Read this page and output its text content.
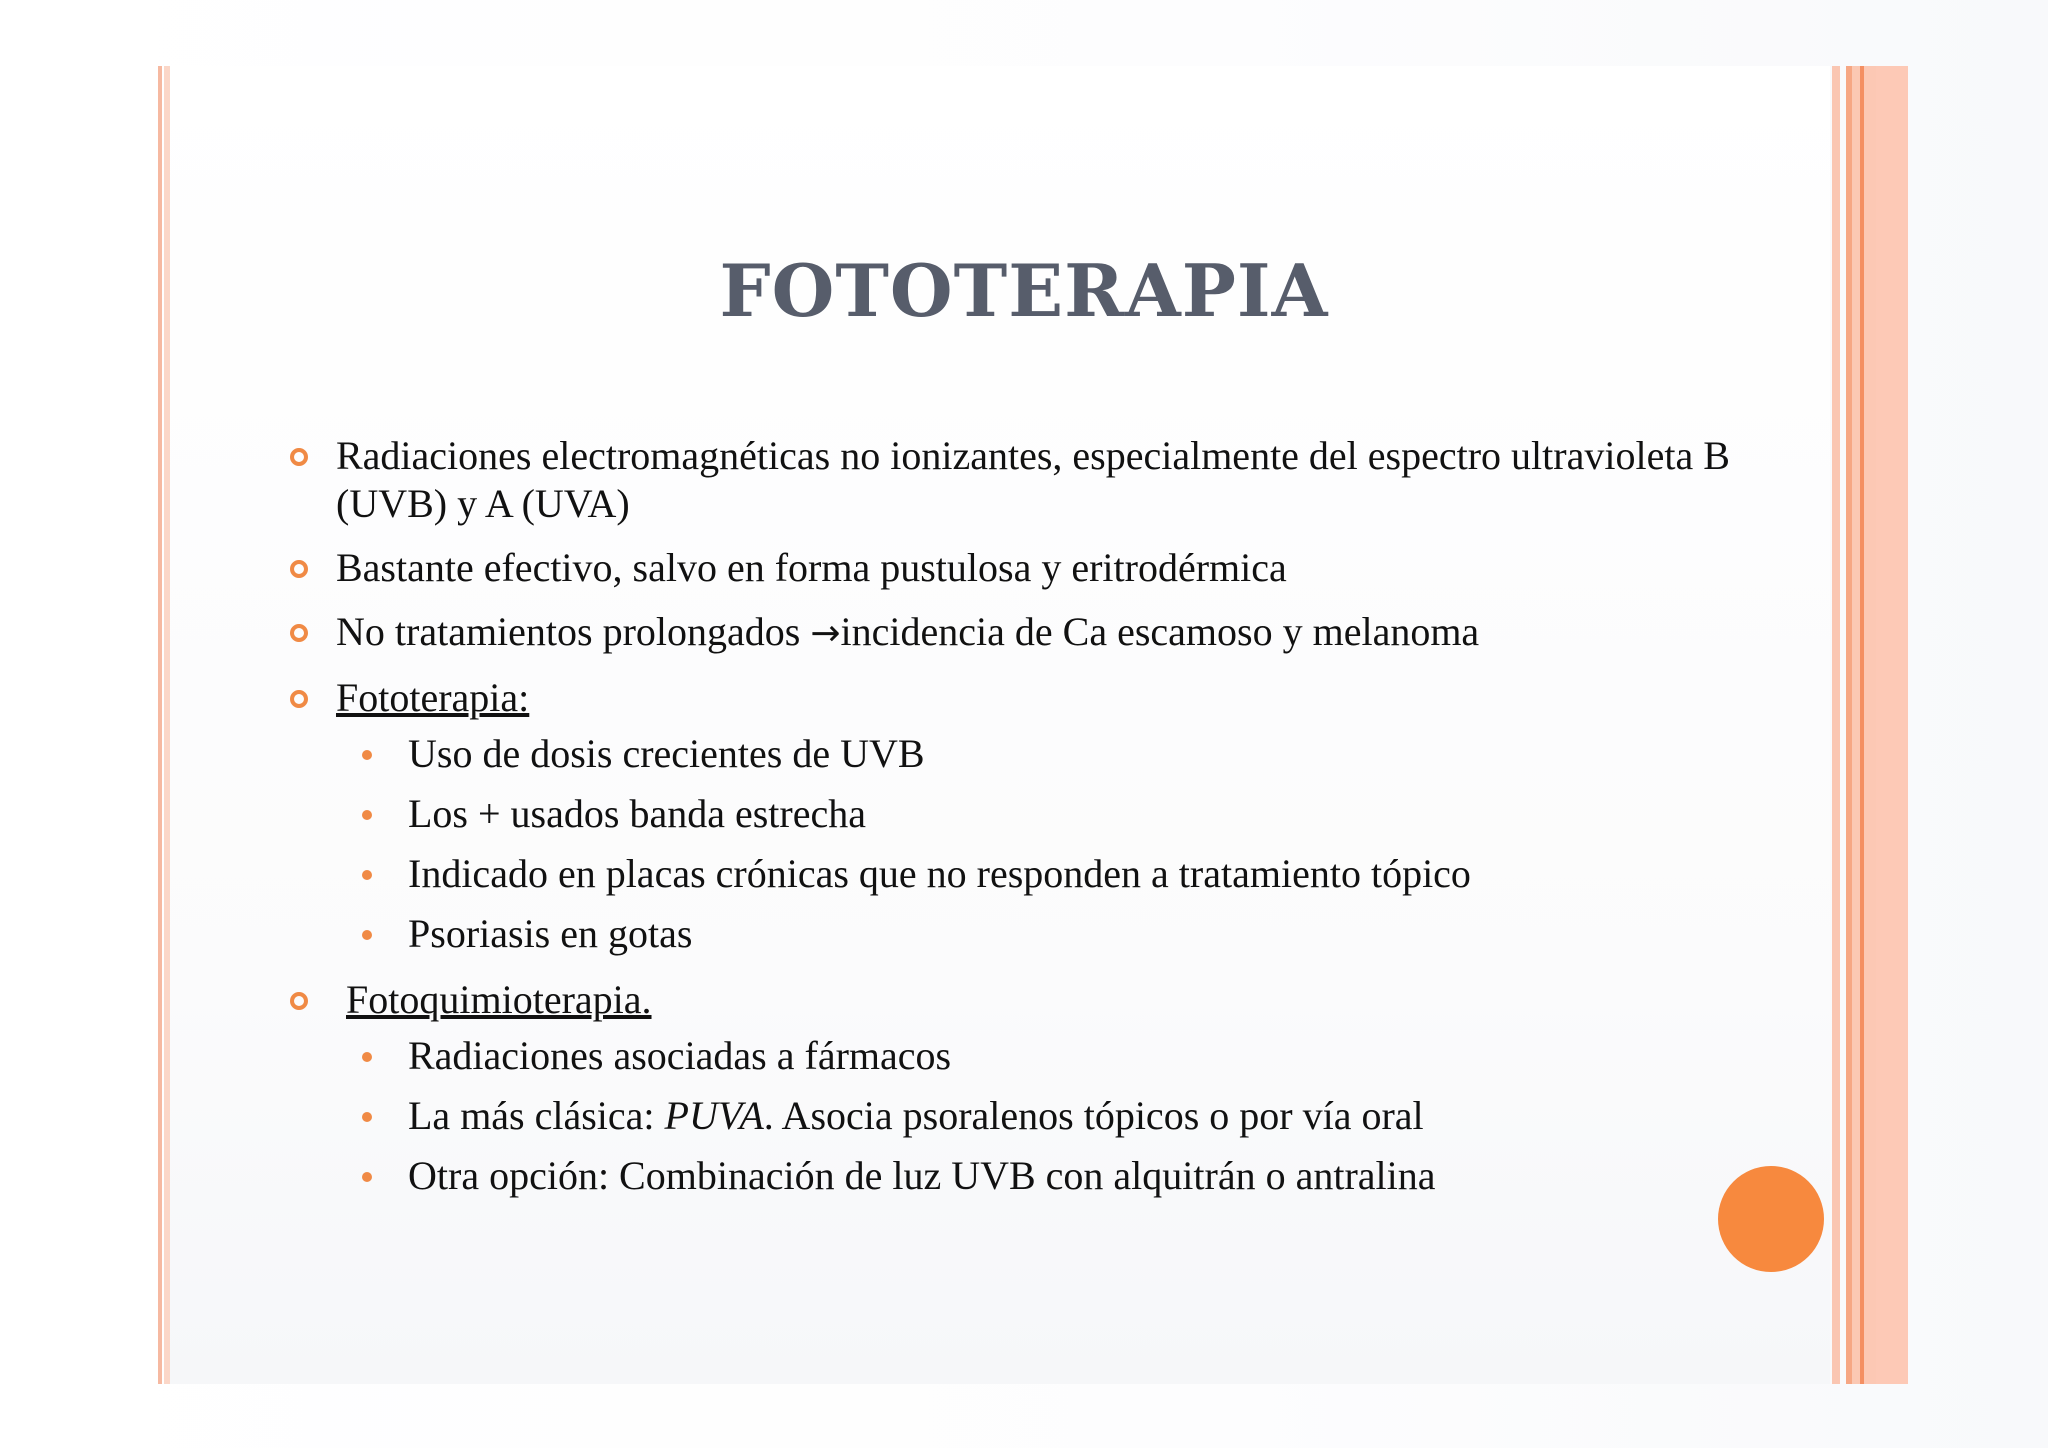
FOTOTERAPIA
Radiaciones electromagnéticas no ionizantes, especialmente del espectro ultravioleta B (UVB) y A (UVA)
Bastante efectivo, salvo en forma pustulosa y eritrodérmica
No tratamientos prolongados →incidencia de Ca escamoso y melanoma
Fototerapia:
Uso de dosis crecientes de UVB
Los + usados banda estrecha
Indicado en placas crónicas que no responden a tratamiento tópico
Psoriasis en gotas
Fotoquimioterapia.
Radiaciones asociadas a fármacos
La más clásica: PUVA. Asocia psoralenos tópicos o por vía oral
Otra opción: Combinación de luz UVB con alquitrán o antralina
